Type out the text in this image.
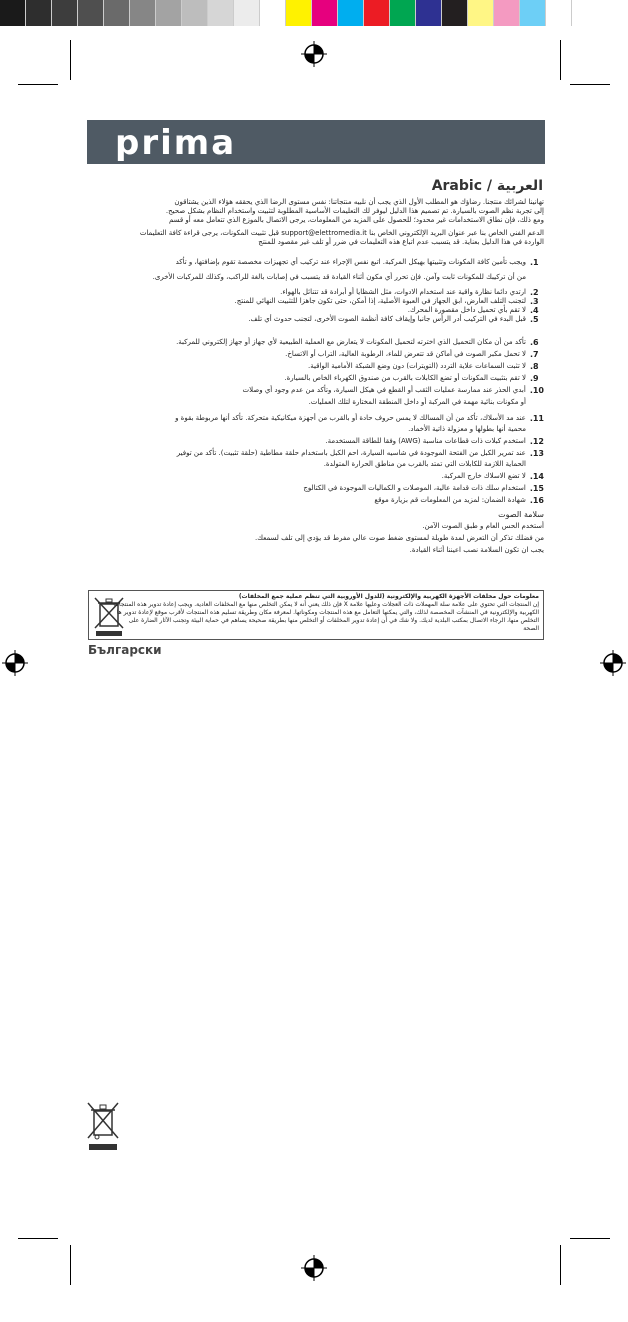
prima
Arabic / العربية

تهانينا لشرائك منتجنا. رضاؤك هو المطلب الأول الذي يجب أن نلبيه منتجاتنا: نفس مستوى الرضا الذي يحققه هؤلاء الذين يشتاقون

إلى تجربة نظم الصوت بالسيارة. تم تصميم هذا الدليل ليوفر لك التعليمات الأساسية المطلوبة لتثبيت واستخدام النظام بشكل صحيح.

ومع ذلك، فإن نطاق الاستخدامات غير محدود؛ للحصول على المزيد من المعلومات، يرجى الاتصال بالموزع الذي تتعامل معه أو قسم

الدعم الفني الخاص بنا عبر عنوان البريد الإلكتروني الخاص بنا support@elettromedia.it قبل تثبيت المكونات، يرجى قراءة كافة التعليمات

الواردة في هذا الدليل بعناية. قد يتسبب عدم اتباع هذه التعليمات في ضرر أو تلف غير مقصود للمنتج

1.
ويجب تأمين كافة المكونات وتثبيتها بهيكل المركبة. اتبع نفس الإجراء عند تركيب أي تجهيزات مخصصة تقوم بإضافتها، و تأكد
من أن تركيبك للمكونات ثابت وآمن. فإن تحرر أي مكون أثناء القيادة قد يتسبب في إصابات بالغة للراكب، وكذلك للمركبات الأخرى.
2.
ارتدي دائما نظارة واقية عند استخدام الادوات، مثل الشظايا أو أبرادة قد تتناثل بالهواء.
3.
لتجنب التلف العارض، ابق الجهاز في العبوة الأصلية، إذا أمكن، حتى تكون جاهزا للتثبيت النهائي للمنتج.
4.
لا تقم بأي تحميل داخل مقصورة المحرك.
5.
قبل البدء في التركيب أدر الرأس جانبا وإيقاف كافة أنظمة الصوت الأخرى، لتجنب حدوث أي تلف.
6.
تأكد من أن مكان التحميل الذي اخترته لتحميل المكونات لا يتعارض مع العملية الطبيعية لأي جهاز أو جهاز إلكتروني للمركبة.
7.
لا تحمل مكبر الصوت في أماكن قد تتعرض للماء، الرطوبة العالية، التراب أو الاتساخ.
8.
لا تثبت السماعات علاية التردد (التويترات) دون وضع الشبكة الأمامية الواقية.
9.
لا تقم بتثبيت المكونات أو تضع الكابلات بالقرب من صندوق الكهرباء الخاص بالسيارة.
10.
أبدي الحذر عند ممارسة عمليات الثقب أو القطع في هيكل السيارة، وتأكد من عدم وجود أي وصلات
أو مكونات بنائية مهمة في المركبة أو داخل المنطقة المختارة لتلك العمليات.
11.
عند مد الأسلاك، تأكد من أن المسالك لا يمس حروف حادة أو بالقرب من أجهزة ميكانيكية متحركة. تأكد أنها مربوطة بقوة و
محمية أنها بطولها و معزولة ذاتية الأخماد.
12.
استخدم كبلات ذات قطاعات مناسبة (AWG) وفقا للطاقة المستخدمة.
13.
عند تمرير الكبل من الفتحة الموجودة في شاسيه السيارة، احم الكبل باستخدام حلقة مطاطية (حلقة تثبيت). تأكد من توفير
الحماية اللازمة للكابلات التي تمتد بالقرب من مناطق الحرارة المتولدة.
14.
لا تضع الاسلاك خارج المركبة.
15.
استخدام سلك ذات قدامة عالية، الموصلات و الكماليات الموجودة في الكتالوج
16.
شهادة الضمان: لمزيد من المعلومات قم بزيارة موقع

سلامة الصوت

أستخدم الحس العام و طبق الصوت الآمن.

من فضلك تذكر أن التعرض لمدة طويلة لمستوى ضغط صوت عالي مفرط قد يؤدي إلى تلف لسمعك.

يجب ان تكون السلامة نصب اعيننا أثناء القيادة.

معلومات حول مخلفات الأجهزة الكهربية والإلكترونية (للدول الأوروبية التي تنظم عملية جمع المخلفات)

إن المنتجات التي تحتوي على علامة سلة المهملات ذات العجلات وعليها علامة X فإن ذلك يعني أنه لا يمكن التخلص منها مع المخلفات العادية. ويجب إعادة تدوير هذه المنتجات

الكهربية والإلكترونية في المنشآت المخصصة لذلك، والتي يمكنها التعامل مع هذه المنتجات ومكوناتها. لمعرفة مكان وطريقة تسليم هذه المنتجات لأقرب موقع لإعادة تدوير ها

التخلص منها، الرجاء الاتصال بمكتب البلدية لديك. ولا شك في أن إعادة تدوير المخلفات أو التخلص منها بطريقة صحيحة يساهم في حماية البيئة وتجنب الآثار الضارة على

الصحة

Български
